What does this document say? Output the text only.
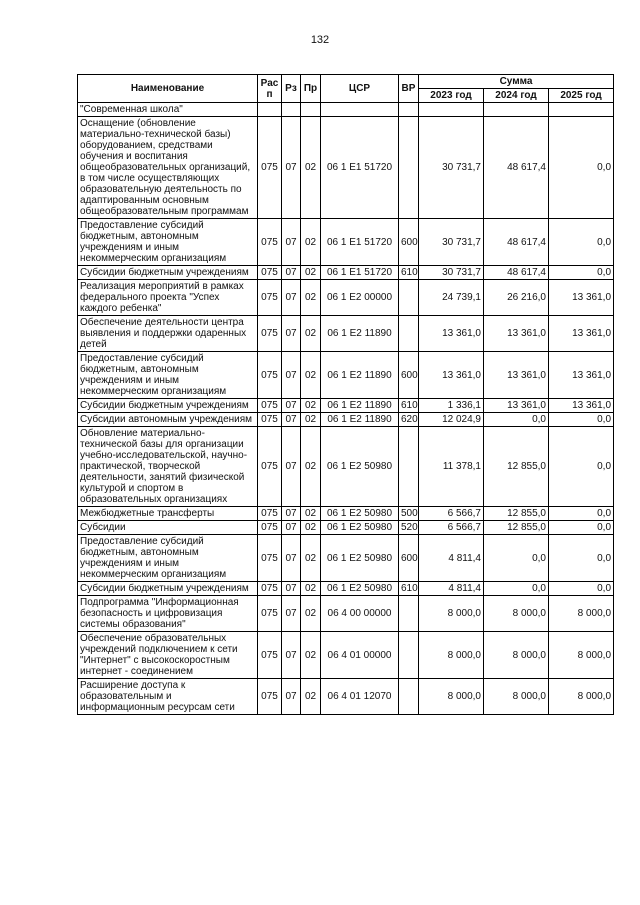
132
Наименование	Рас п	Рз	Пр	ЦСР	ВР	Сумма		
						2023 год	2024 год	2025 год
"Современная школа"								
Оснащение (обновление материально-технической базы) оборудованием, средствами обучения и воспитания общеобразовательных организаций, в том числе осуществляющих образовательную деятельность по адаптированным основным общеобразовательным программам	075	07	02	06 1 E1 51720		30 731,7	48 617,4	0,0
Предоставление субсидий бюджетным, автономным учреждениям и иным некоммерческим организациям	075	07	02	06 1 E1 51720	600	30 731,7	48 617,4	0,0
Субсидии бюджетным учреждениям	075	07	02	06 1 E1 51720	610	30 731,7	48 617,4	0,0
Реализация мероприятий в рамках федерального проекта "Успех каждого ребенка"	075	07	02	06 1 E2 00000		24 739,1	26 216,0	13 361,0
Обеспечение деятельности центра выявления и поддержки одаренных детей	075	07	02	06 1 E2 11890		13 361,0	13 361,0	13 361,0
Предоставление субсидий бюджетным, автономным учреждениям и иным некоммерческим организациям	075	07	02	06 1 E2 11890	600	13 361,0	13 361,0	13 361,0
Субсидии бюджетным учреждениям	075	07	02	06 1 E2 11890	610	1 336,1	13 361,0	13 361,0
Субсидии автономным учреждениям	075	07	02	06 1 E2 11890	620	12 024,9	0,0	0,0
Обновление материально-технической базы для организации учебно-исследовательской, научно-практической, творческой деятельности, занятий физической культурой и спортом в образовательных организациях	075	07	02	06 1 E2 50980		11 378,1	12 855,0	0,0
Межбюджетные трансферты	075	07	02	06 1 E2 50980	500	6 566,7	12 855,0	0,0
Субсидии	075	07	02	06 1 E2 50980	520	6 566,7	12 855,0	0,0
Предоставление субсидий бюджетным, автономным учреждениям и иным некоммерческим организациям	075	07	02	06 1 E2 50980	600	4 811,4	0,0	0,0
Субсидии бюджетным учреждениям	075	07	02	06 1 E2 50980	610	4 811,4	0,0	0,0
Подпрограмма "Информационная безопасность и цифровизация системы образования"	075	07	02	06 4 00 00000		8 000,0	8 000,0	8 000,0
Обеспечение образовательных учреждений подключением к сети "Интернет" с высокоскоростным интернет - соединением	075	07	02	06 4 01 00000		8 000,0	8 000,0	8 000,0
Расширение доступа к образовательным и информационным ресурсам сети	075	07	02	06 4 01 12070		8 000,0	8 000,0	8 000,0
